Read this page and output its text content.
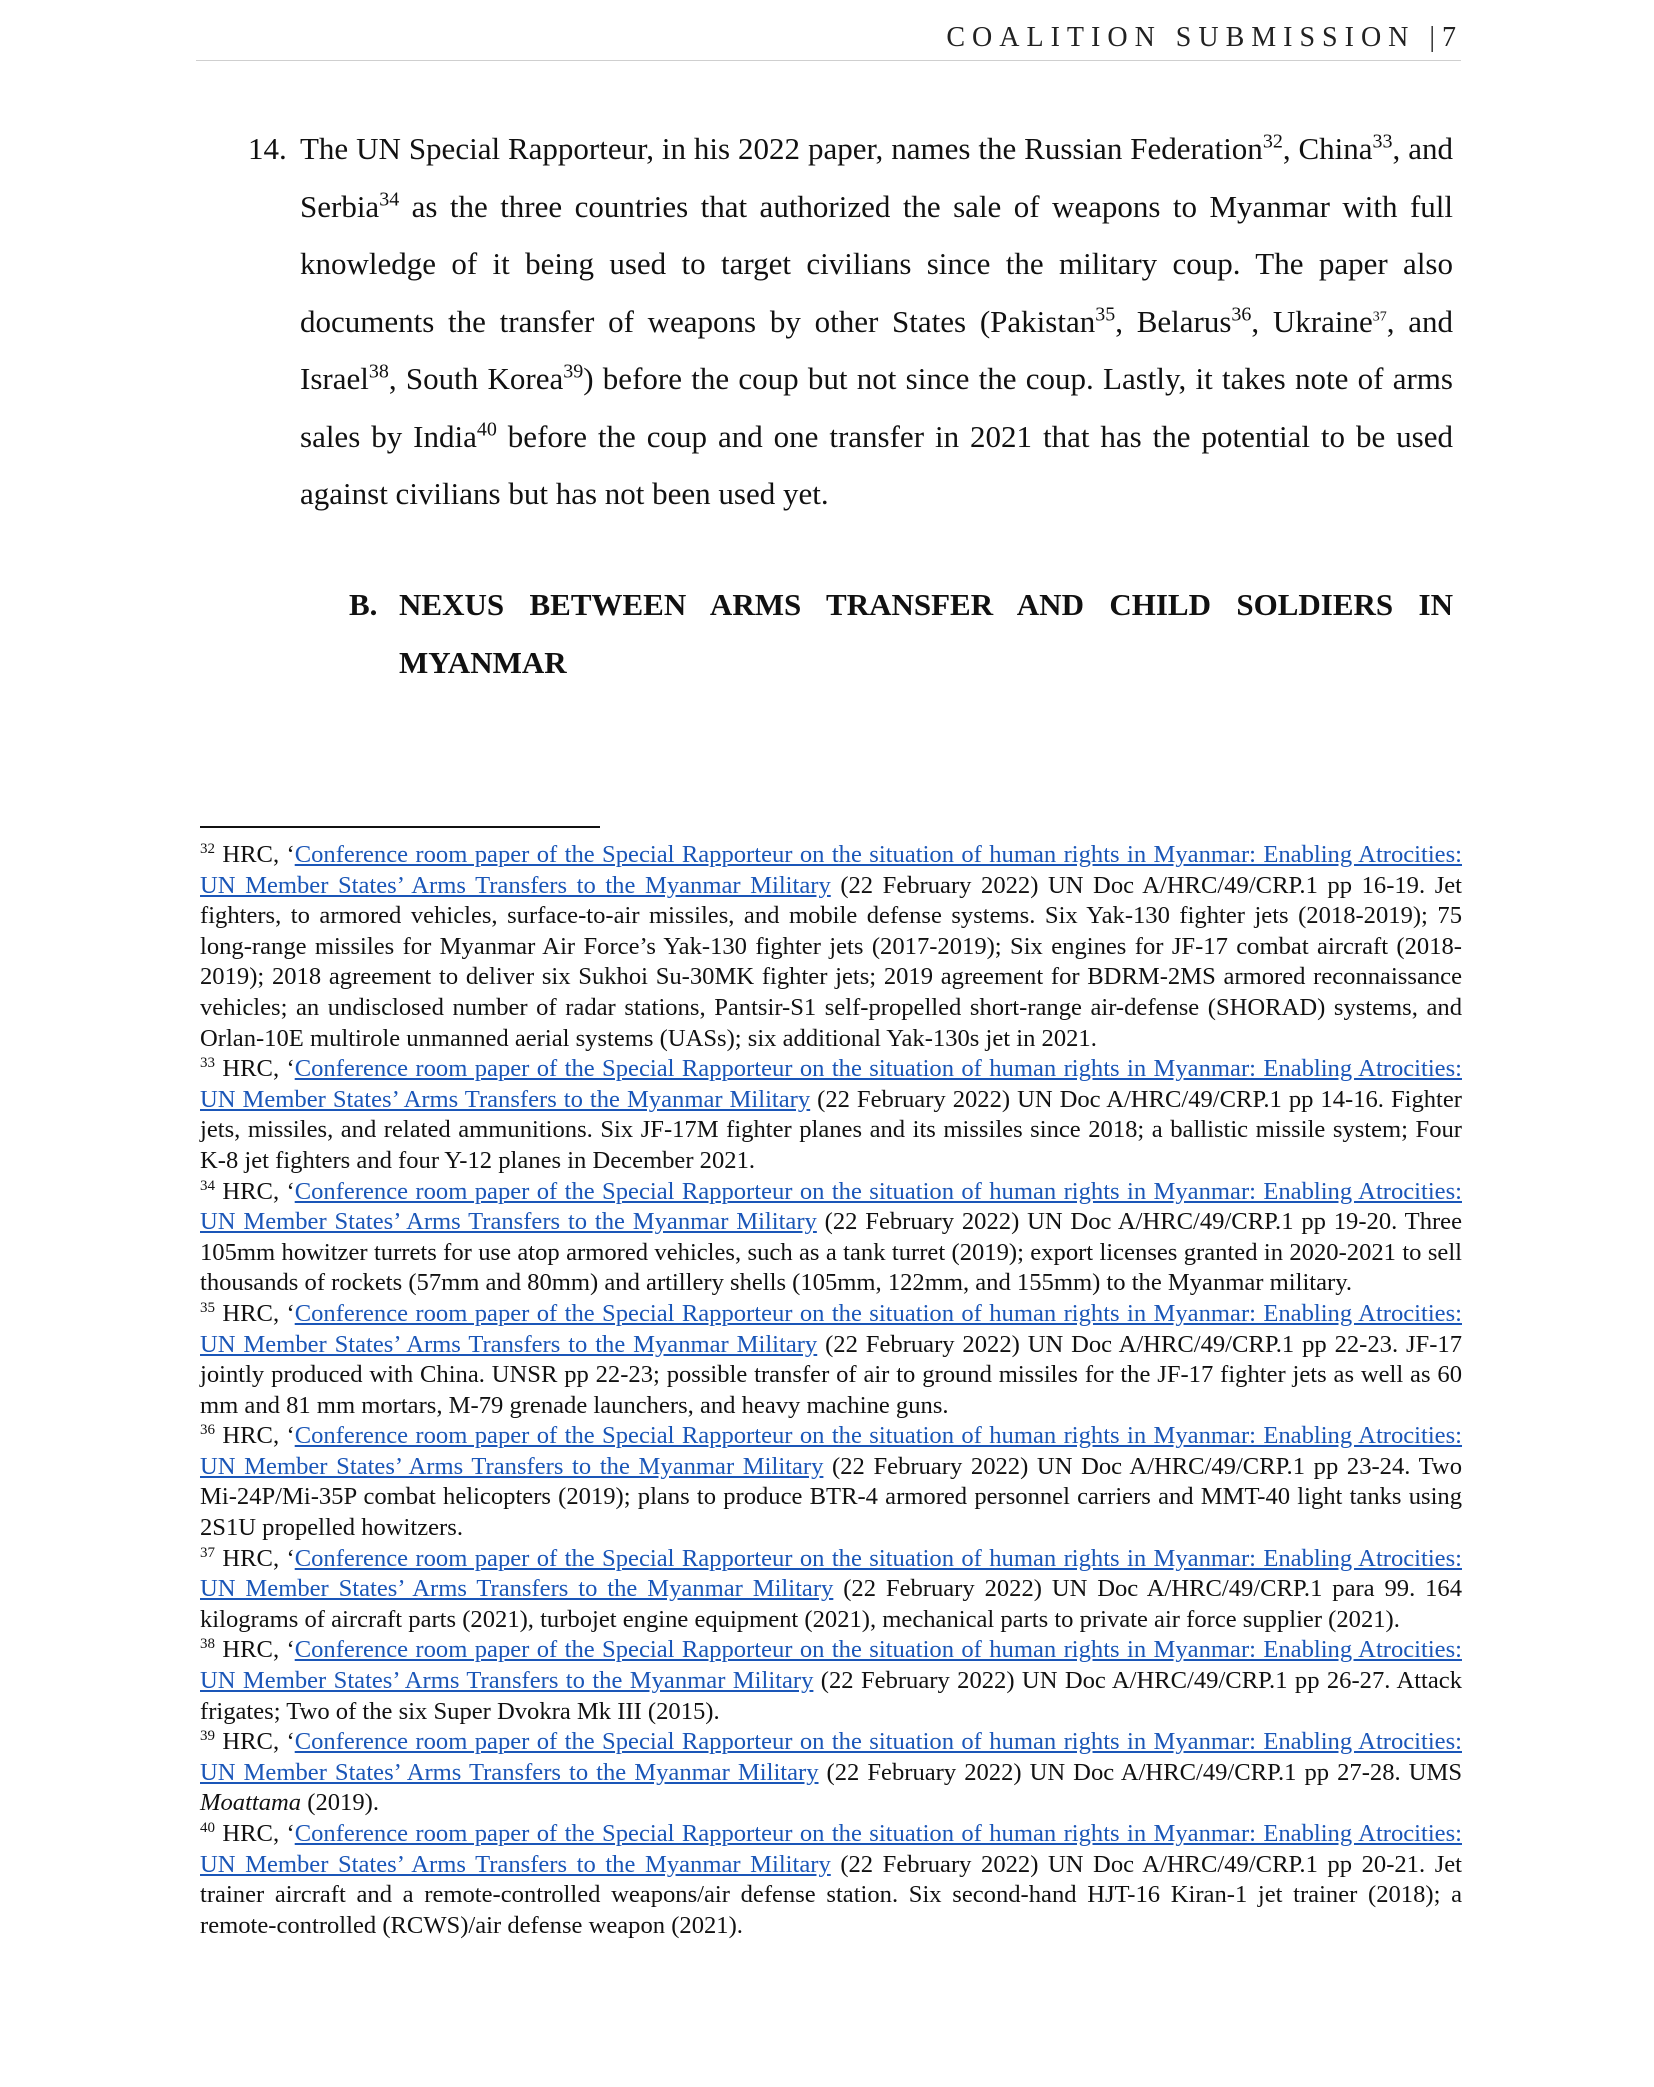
COALITION SUBMISSION |7
14. The UN Special Rapporteur, in his 2022 paper, names the Russian Federation$^{32}$, China$^{33}$, and Serbia$^{34}$ as the three countries that authorized the sale of weapons to Myanmar with full knowledge of it being used to target civilians since the military coup. The paper also documents the transfer of weapons by other States (Pakistan$^{35}$, Belarus$^{36}$, Ukraine$^{37}$, and Israel$^{38}$, South Korea$^{39}$) before the coup but not since the coup. Lastly, it takes note of arms sales by India$^{40}$ before the coup and one transfer in 2021 that has the potential to be used against civilians but has not been used yet.
B. NEXUS BETWEEN ARMS TRANSFER AND CHILD SOLDIERS IN MYANMAR

$^{32}$ HRC, ‘Conference room paper of the Special Rapporteur on the situation of human rights in Myanmar: Enabling Atrocities: UN Member States’ Arms Transfers to the Myanmar Military (22 February 2022) UN Doc A/HRC/49/CRP.1 pp 16-19. Jet fighters, to armored vehicles, surface-to-air missiles, and mobile defense systems. Six Yak-130 fighter jets (2018-2019); 75 long-range missiles for Myanmar Air Force’s Yak-130 fighter jets (2017-2019); Six engines for JF-17 combat aircraft (2018-2019); 2018 agreement to deliver six Sukhoi Su-30MK fighter jets; 2019 agreement for BDRM-2MS armored reconnaissance vehicles; an undisclosed number of radar stations, Pantsir-S1 self-propelled short-range air-defense (SHORAD) systems, and Orlan-10E multirole unmanned aerial systems (UASs); six additional Yak-130s jet in 2021.

$^{33}$ HRC, ‘Conference room paper of the Special Rapporteur on the situation of human rights in Myanmar: Enabling Atrocities: UN Member States’ Arms Transfers to the Myanmar Military (22 February 2022) UN Doc A/HRC/49/CRP.1 pp 14-16. Fighter jets, missiles, and related ammunitions. Six JF-17M fighter planes and its missiles since 2018; a ballistic missile system; Four K-8 jet fighters and four Y-12 planes in December 2021.

$^{34}$ HRC, ‘Conference room paper of the Special Rapporteur on the situation of human rights in Myanmar: Enabling Atrocities: UN Member States’ Arms Transfers to the Myanmar Military (22 February 2022) UN Doc A/HRC/49/CRP.1 pp 19-20. Three 105mm howitzer turrets for use atop armored vehicles, such as a tank turret (2019); export licenses granted in 2020-2021 to sell thousands of rockets (57mm and 80mm) and artillery shells (105mm, 122mm, and 155mm) to the Myanmar military.

$^{35}$ HRC, ‘Conference room paper of the Special Rapporteur on the situation of human rights in Myanmar: Enabling Atrocities: UN Member States’ Arms Transfers to the Myanmar Military (22 February 2022) UN Doc A/HRC/49/CRP.1 pp 22-23. JF-17 jointly produced with China. UNSR pp 22-23; possible transfer of air to ground missiles for the JF-17 fighter jets as well as 60 mm and 81 mm mortars, M-79 grenade launchers, and heavy machine guns.

$^{36}$ HRC, ‘Conference room paper of the Special Rapporteur on the situation of human rights in Myanmar: Enabling Atrocities: UN Member States’ Arms Transfers to the Myanmar Military (22 February 2022) UN Doc A/HRC/49/CRP.1 pp 23-24. Two Mi-24P/Mi-35P combat helicopters (2019); plans to produce BTR-4 armored personnel carriers and MMT-40 light tanks using 2S1U propelled howitzers.

$^{37}$ HRC, ‘Conference room paper of the Special Rapporteur on the situation of human rights in Myanmar: Enabling Atrocities: UN Member States’ Arms Transfers to the Myanmar Military (22 February 2022) UN Doc A/HRC/49/CRP.1 para 99. 164 kilograms of aircraft parts (2021), turbojet engine equipment (2021), mechanical parts to private air force supplier (2021).

$^{38}$ HRC, ‘Conference room paper of the Special Rapporteur on the situation of human rights in Myanmar: Enabling Atrocities: UN Member States’ Arms Transfers to the Myanmar Military (22 February 2022) UN Doc A/HRC/49/CRP.1 pp 26-27. Attack frigates; Two of the six Super Dvokra Mk III (2015).

$^{39}$ HRC, ‘Conference room paper of the Special Rapporteur on the situation of human rights in Myanmar: Enabling Atrocities: UN Member States’ Arms Transfers to the Myanmar Military (22 February 2022) UN Doc A/HRC/49/CRP.1 pp 27-28. UMS Moattama (2019).

$^{40}$ HRC, ‘Conference room paper of the Special Rapporteur on the situation of human rights in Myanmar: Enabling Atrocities: UN Member States’ Arms Transfers to the Myanmar Military (22 February 2022) UN Doc A/HRC/49/CRP.1 pp 20-21. Jet trainer aircraft and a remote-controlled weapons/air defense station. Six second-hand HJT-16 Kiran-1 jet trainer (2018); a remote-controlled (RCWS)/air defense weapon (2021).
